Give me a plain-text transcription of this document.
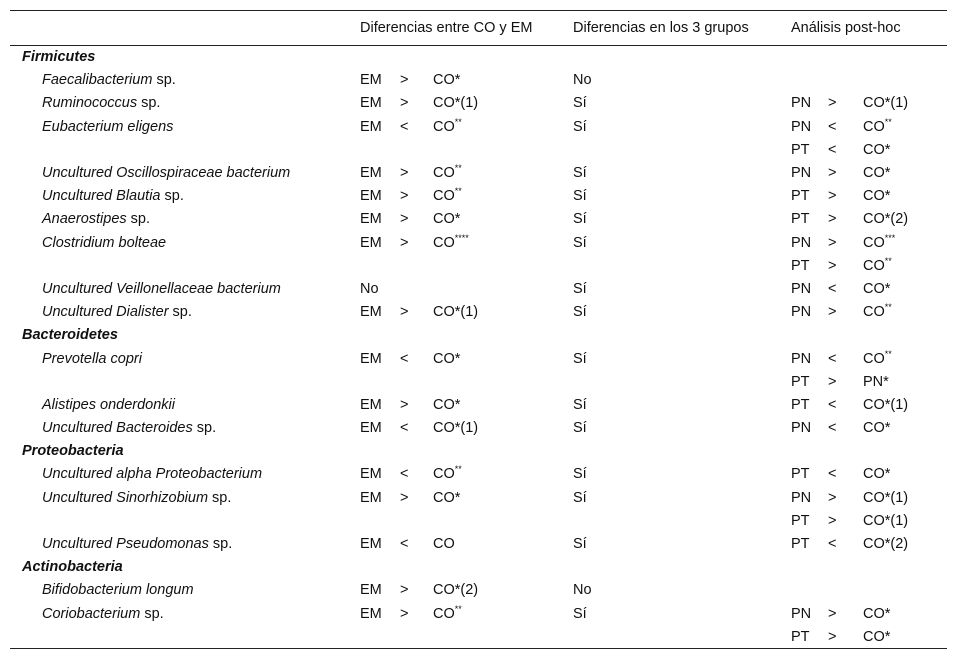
	Diferencias entre CO y EM	Diferencias en los 3 grupos	Análisis post-hoc
Firmicutes			
Faecalibacterium sp.	EM > CO*	No	
Ruminococcus sp.	EM > CO*(1)	Sí	PN > CO*(1)
Eubacterium eligens	EM < CO**	Sí	PN < CO**
			PT < CO*
Uncultured Oscillospiraceae bacterium	EM > CO**	Sí	PN > CO*
Uncultured Blautia sp.	EM > CO**	Sí	PT > CO*
Anaerostipes sp.	EM > CO*	Sí	PT > CO*(2)
Clostridium bolteae	EM > CO****	Sí	PN > CO***
			PT > CO**
Uncultured Veillonellaceae bacterium	No	Sí	PN < CO*
Uncultured Dialister sp.	EM > CO*(1)	Sí	PN > CO**
Bacteroidetes			
Prevotella copri	EM < CO*	Sí	PN < CO**
			PT > PN*
Alistipes onderdonkii	EM > CO*	Sí	PT < CO*(1)
Uncultured Bacteroides sp.	EM < CO*(1)	Sí	PN < CO*
Proteobacteria			
Uncultured alpha Proteobacterium	EM < CO**	Sí	PT < CO*
Uncultured Sinorhizobium sp.	EM > CO*	Sí	PN > CO*(1)
			PT > CO*(1)
Uncultured Pseudomonas sp.	EM < CO	Sí	PT < CO*(2)
Actinobacteria			
Bifidobacterium longum	EM > CO*(2)	No	
Coriobacterium sp.	EM > CO**	Sí	PN > CO*
			PT > CO*
